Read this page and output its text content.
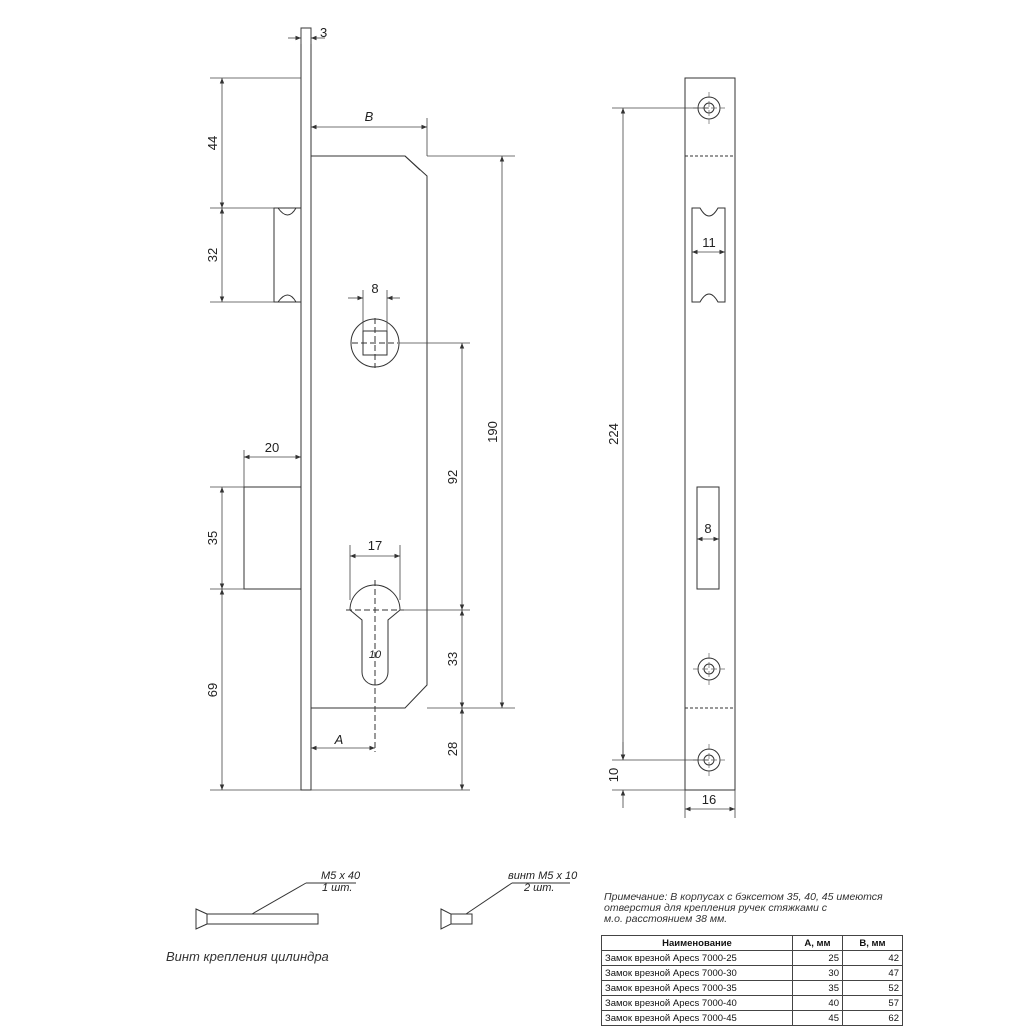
3
44
32
B
8
190
20
92
35	17
33
10
69
A
28
224
11
8
10
16
M5 x 40
1 шт.
винт M5 x 10
2 шт.
Винт крепления цилиндра
Примечание: В корпусах с бэксетом 35, 40, 45 имеются
отверстия для крепления ручек стяжками с
м.о. расстоянием 38 мм.
Наименование	А, мм	В, мм
Замок врезной Apecs 7000-25	25	42
Замок врезной Apecs 7000-30	30	47
Замок врезной Apecs 7000-35	35	52
Замок врезной Apecs 7000-40	40	57
Замок врезной Apecs 7000-45	45	62
